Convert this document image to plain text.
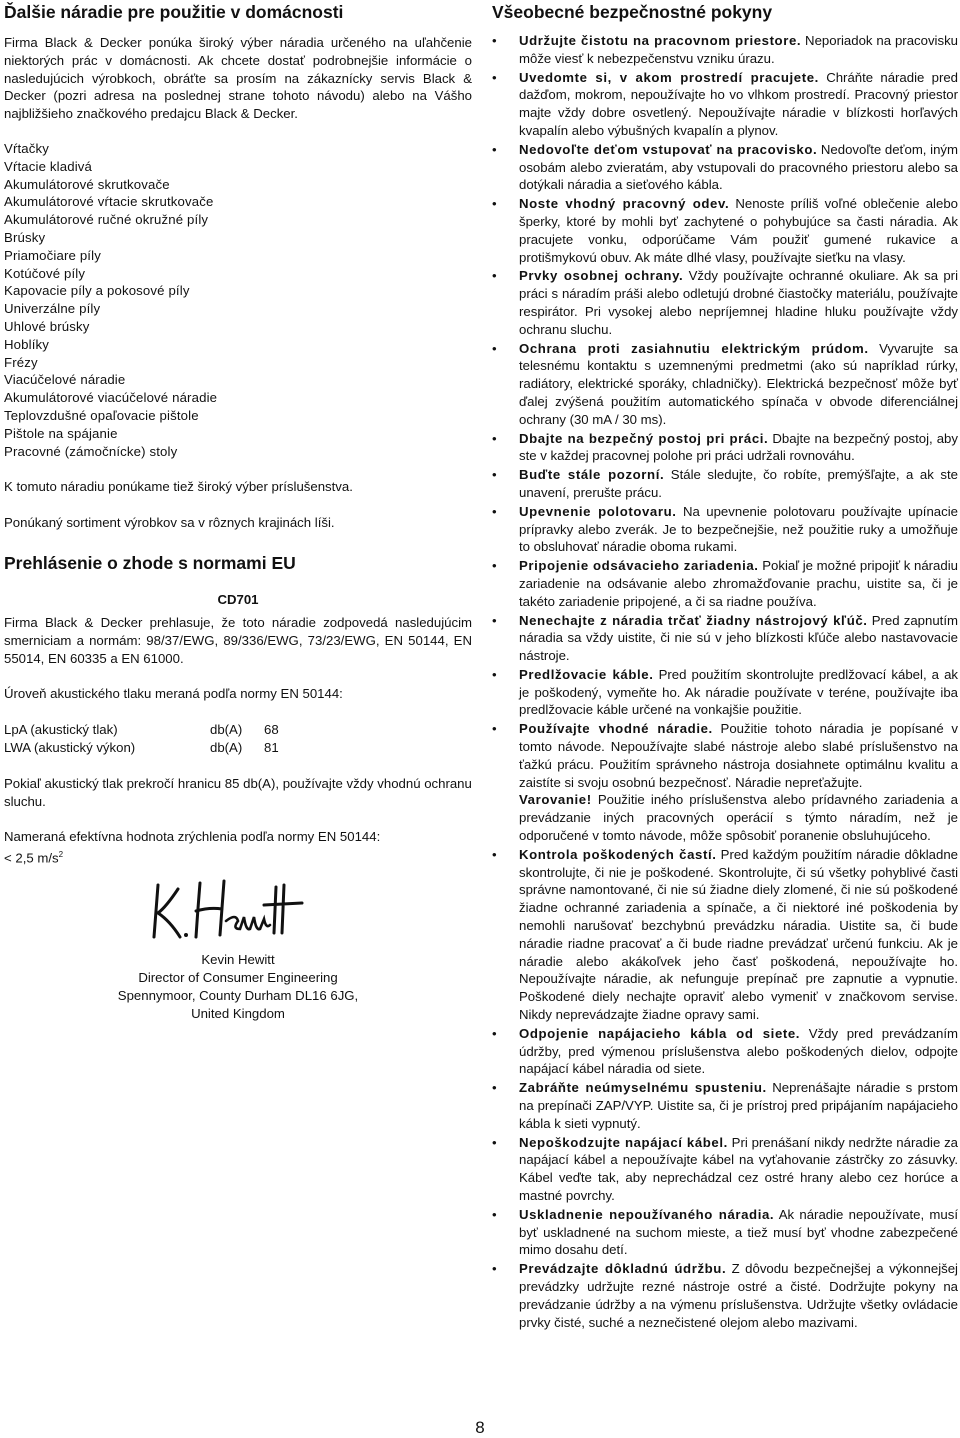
Ďalšie náradie pre použitie v domácnosti

Firma Black & Decker ponúka široký výber náradia určeného na uľahčenie niektorých prác v domácnosti. Ak chcete dostať podrobnejšie informácie o nasledujúcich výrobkoch, obráťte sa prosím na zákaznícky servis Black & Decker (pozri adresa na poslednej strane tohoto návodu) alebo na Vášho najbližšieho značkového predajcu Black & Decker.

Vŕtačky
Vŕtacie kladivá
Akumulátorové skrutkovače
Akumulátorové vŕtacie skrutkovače
Akumulátorové ručné okružné píly
Brúsky
Priamočiare píly
Kotúčové píly
Kapovacie píly a pokosové píly
Univerzálne píly
Uhlové brúsky
Hoblíky
Frézy
Viacúčelové náradie
Akumulátorové viacúčelové náradie
Teplovzdušné opaľovacie pištole
Pištole na spájanie
Pracovné (zámočnícke) stoly

K tomuto náradiu ponúkame tiež široký výber príslušenstva.

Ponúkaný sortiment výrobkov sa v rôznych krajinách líši.

Prehlásenie o zhode s normami EU
CD701

Firma Black & Decker prehlasuje, že toto náradie zodpovedá nasledujúcim smerniciam a normám: 98/37/EWG, 89/336/EWG, 73/23/EWG, EN 50144, EN 55014, EN 60335 a EN 61000.

Úroveň akustického tlaku meraná podľa normy EN 50144:

LpA (akustický tlak)	db(A)	68
LWA (akustický výkon)	db(A)	81

Pokiaľ akustický tlak prekročí hranicu 85 db(A), používajte vždy vhodnú ochranu sluchu.

Nameraná efektívna hodnota zrýchlenia podľa normy EN 50144:

< 2,5 $m/s^2$

Kevin Hewitt
Director of Consumer Engineering
Spennymoor, County Durham DL16 6JG,
United Kingdom
Všeobecné bezpečnostné pokyny
• Udržujte čistotu na pracovnom priestore. Neporiadok na pracovisku môže viesť k nebezpečenstvu vzniku úrazu.
• Uvedomte si, v akom prostredí pracujete. Chráňte náradie pred dažďom, mokrom, nepoužívajte ho vo vlhkom prostredí. Pracovný priestor majte vždy dobre osvetlený. Nepoužívajte náradie v blízkosti horľavých kvapalín alebo výbušných kvapalín a plynov.
• Nedovoľte deťom vstupovať na pracovisko. Nedovoľte deťom, iným osobám alebo zvieratám, aby vstupovali do pracovného priestoru alebo sa dotýkali náradia a sieťového kábla.
• Noste vhodný pracovný odev. Nenoste príliš voľné oblečenie alebo šperky, ktoré by mohli byť zachytené o pohybujúce sa časti náradia. Ak pracujete vonku, odporúčame Vám použiť gumené rukavice a protišmykovú obuv. Ak máte dlhé vlasy, používajte sieťku na vlasy.
• Prvky osobnej ochrany. Vždy používajte ochranné okuliare. Ak sa pri práci s náradím práši alebo odletujú drobné čiastočky materiálu, používajte respirátor. Pri vysokej alebo nepríjemnej hladine hluku používajte vždy ochranu sluchu.
• Ochrana proti zasiahnutiu elektrickým prúdom. Vyvarujte sa telesnému kontaktu s uzemnenými predmetmi (ako sú napríklad rúrky, radiátory, elektrické sporáky, chladničky). Elektrická bezpečnosť môže byť ďalej zvýšená použitím automatického spínača v obvode diferenciálnej ochrany (30 mA / 30 ms).
• Dbajte na bezpečný postoj pri práci. Dbajte na bezpečný postoj, aby ste v každej pracovnej polohe pri práci udržali rovnováhu.
• Buďte stále pozorní. Stále sledujte, čo robíte, premýšľajte, a ak ste unavení, prerušte prácu.
• Upevnenie polotovaru. Na upevnenie polotovaru používajte upínacie prípravky alebo zverák. Je to bezpečnejšie, než použitie ruky a umožňuje to obsluhovať náradie oboma rukami.
• Pripojenie odsávacieho zariadenia. Pokiaľ je možné pripojiť k náradiu zariadenie na odsávanie alebo zhromažďovanie prachu, uistite sa, či je takéto zariadenie pripojené, a či sa riadne používa.
• Nenechajte z náradia trčať žiadny nástrojový kľúč. Pred zapnutím náradia sa vždy uistite, či nie sú v jeho blízkosti kľúče alebo nastavovacie nástroje.
• Predlžovacie káble. Pred použitím skontrolujte predlžovací kábel, a ak je poškodený, vymeňte ho. Ak náradie používate v teréne, používajte iba predlžovacie káble určené na vonkajšie použitie.
• Používajte vhodné náradie. Použitie tohoto náradia je popísané v tomto návode. Nepoužívajte slabé nástroje alebo slabé príslušenstvo na ťažkú prácu. Použitím správneho nástroja dosiahnete optimálnu kvalitu a zaistíte si svoju osobnú bezpečnosť. Náradie nepreťažujte.
Varovanie! Použitie iného príslušenstva alebo prídavného zariadenia a prevádzanie iných pracovných operácií s týmto náradím, než je odporučené v tomto návode, môže spôsobiť poranenie obsluhujúceho.
• Kontrola poškodených častí. Pred každým použitím náradie dôkladne skontrolujte, či nie je poškodené. Skontrolujte, či sú všetky pohyblivé časti správne namontované, či nie sú žiadne diely zlomené, či nie sú poškodené žiadne ochranné zariadenia a spínače, a či niektoré iné poškodenia by nemohli narušovať bezchybnú prevádzku náradia. Uistite sa, či bude náradie riadne pracovať a či bude riadne prevádzať určenú funkciu. Ak je náradie alebo akákoľvek jeho časť poškodená, nepoužívajte ho. Nepoužívajte náradie, ak nefunguje prepínač pre zapnutie a vypnutie. Poškodené diely nechajte opraviť alebo vymeniť v značkovom servise. Nikdy neprevádzajte žiadne opravy sami.
• Odpojenie napájacieho kábla od siete. Vždy pred prevádzaním údržby, pred výmenou príslušenstva alebo poškodených dielov, odpojte napájací kábel náradia od siete.
• Zabráňte neúmyselnému spusteniu. Neprenášajte náradie s prstom na prepínači ZAP/VYP. Uistite sa, či je prístroj pred pripájaním napájacieho kábla k sieti vypnutý.
• Nepoškodzujte napájací kábel. Pri prenášaní nikdy nedržte náradie za napájací kábel a nepoužívajte kábel na vyťahovanie zástrčky zo zásuvky. Kábel veďte tak, aby neprechádzal cez ostré hrany alebo cez horúce a mastné povrchy.
• Uskladnenie nepoužívaného náradia. Ak náradie nepoužívate, musí byť uskladnené na suchom mieste, a tiež musí byť vhodne zabezpečené mimo dosahu detí.
• Prevádzajte dôkladnú údržbu. Z dôvodu bezpečnejšej a výkonnejšej prevádzky udržujte rezné nástroje ostré a čisté. Dodržujte pokyny na prevádzanie údržby a na výmenu príslušenstva. Udržujte všetky ovládacie prvky čisté, suché a neznečistené olejom alebo mazivami.
8
